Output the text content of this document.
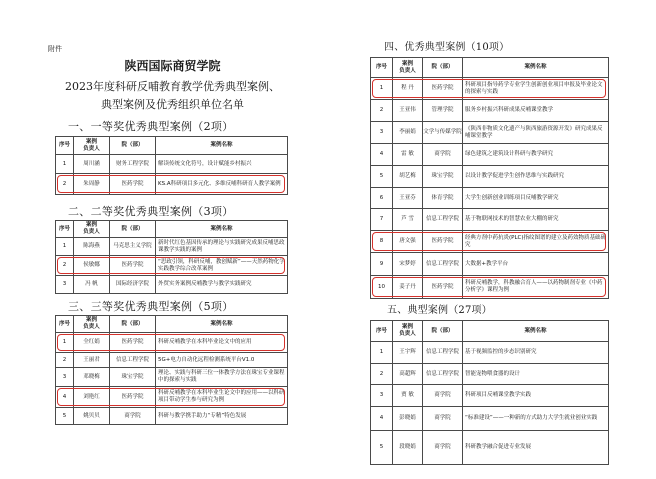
附件
陕西国际商贸学院
2023年度科研反哺教育教学优秀典型案例、
典型案例及优秀组织单位名单
一、一等奖优秀典型案例（2项）
序号	案例
负责人	院（部）	案例名称

1	周川涵	财务工程学院	解读传统文化符号，设计赋能乡村振兴

2	朱周静	医药学院	KS.A科研项目多元化、多维反哺科研育人教学案例
二、二等奖优秀典型案例（3项）
序号	案例
负责人	院（部）	案例名称

1	陈海燕	马克思主义学院	新时代红色基因传承的理论与实践研究成果反哺思政课教学实践的案例

2	侯敏娜	医药学院	“思政引领，科研反哺，教创赋新”——天然药物化学实践教学综合改革案例

3	冯 帆	国际经济学院	外贸实务案例反哺教学与教学实践研究
三、三等奖优秀典型案例（5项）
序号	案例
负责人	院（部）	案例名称

1	全红娟	医药学院	科研反哺教学在本科毕业论文中的应用

2	王丽君	信息工程学院	5G+电力自动化远程检测系统平台V1.0

3	邓晓梅	珠宝学院	理论、实践与科研三位一体教学方法在珠宝专业课程中的探索与实践

4	刘艳红	医药学院	科研反哺教学在本科毕业生论文中的应用——以科研项目带动学生参与研究为例

5	姚贝贝	商学院	科研与教学携手助力“专精”特色发展
四、优秀典型案例（10项）
序号	案例
负责人	院（部）	案例名称

1	程 丹	医药学院	科研项目指导药学专业学生创新创业项目申报及毕业论文的探索与实践

2	王亚伟	管理学院	服务乡村振兴科研成果反哺课堂教学

3	李丽娟	文学与传媒学院	《陕西非物质文化遗产与陕西旅游资源开发》研究成果反哺课堂教学

4	雷 敏	商学院	绿色建筑之建筑设计科研与教学研究

5	胡艺梅	珠宝学院	以设计教学促进学生创作思维与实践研究

6	王亚芬	体育学院	大学生创新创业训练项目反哺教学研究

7	芦 雪	信息工程学院	基于物联网技术的智慧农业大棚的研究

8	唐文强	医药学院	经典方剂中药抗炎(PLC)指纹图谱的建立及药效物质基础研究

9	宋梦婷	信息工程学院	大数据+教学平台

10	姜子丹	医药学院	科研反哺教学，科教融合育人——以药物制剂专业《中药分析学》课程为例
五、典型案例（27项）
序号	案例
负责人	院（部）	案例名称

1	王宇辉	信息工程学院	基于视频监控的步态识别研究

2	高超辉	信息工程学院	智能宠物喂食器的设计

3	贾 敏	商学院	科研项目反哺课堂教学实践

4	彭晓娟	商学院	“标准建设”——一种新的方式助力大学生就业创业实践

5	段晓娟	商学院	科研教学融合促进专业发展
